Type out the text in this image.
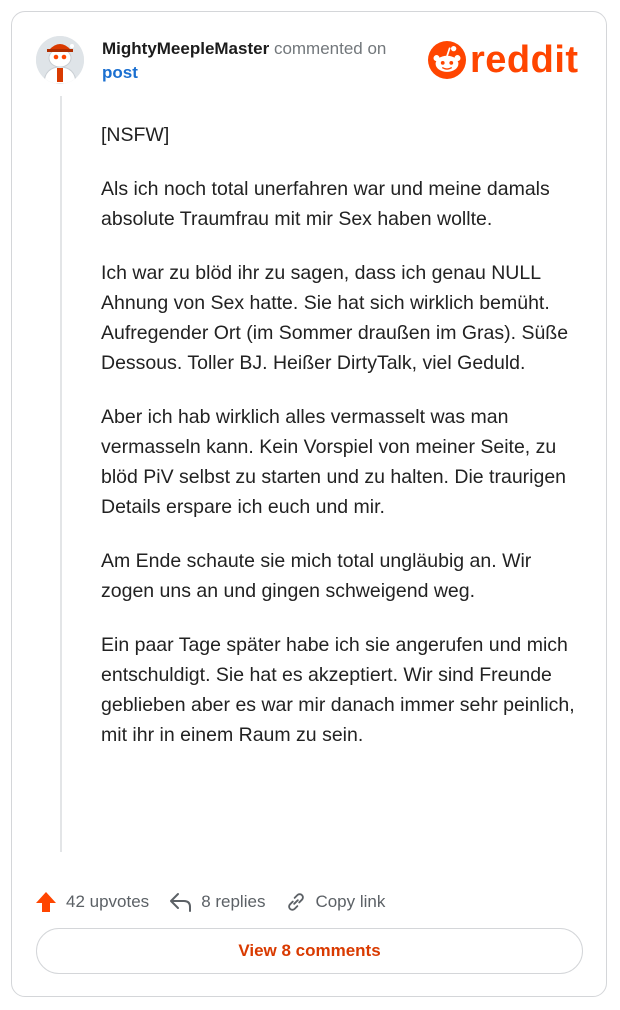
MightyMeepleMaster commented on
post	reddit

[NSFW]

Als ich noch total unerfahren war und meine damals absolute Traumfrau mit mir Sex haben wollte.

Ich war zu blöd ihr zu sagen, dass ich genau NULL Ahnung von Sex hatte. Sie hat sich wirklich bemüht. Aufregender Ort (im Sommer draußen im Gras). Süße Dessous. Toller BJ. Heißer DirtyTalk, viel Geduld.

Aber ich hab wirklich alles vermasselt was man vermasseln kann. Kein Vorspiel von meiner Seite, zu blöd PiV selbst zu starten und zu halten. Die traurigen Details erspare ich euch und mir.

Am Ende schaute sie mich total ungläubig an. Wir zogen uns an und gingen schweigend weg.

Ein paar Tage später habe ich sie angerufen und mich entschuldigt. Sie hat es akzeptiert. Wir sind Freunde geblieben aber es war mir danach immer sehr peinlich, mit ihr in einem Raum zu sein.

42 upvotes	8 replies	Copy link
View 8 comments
